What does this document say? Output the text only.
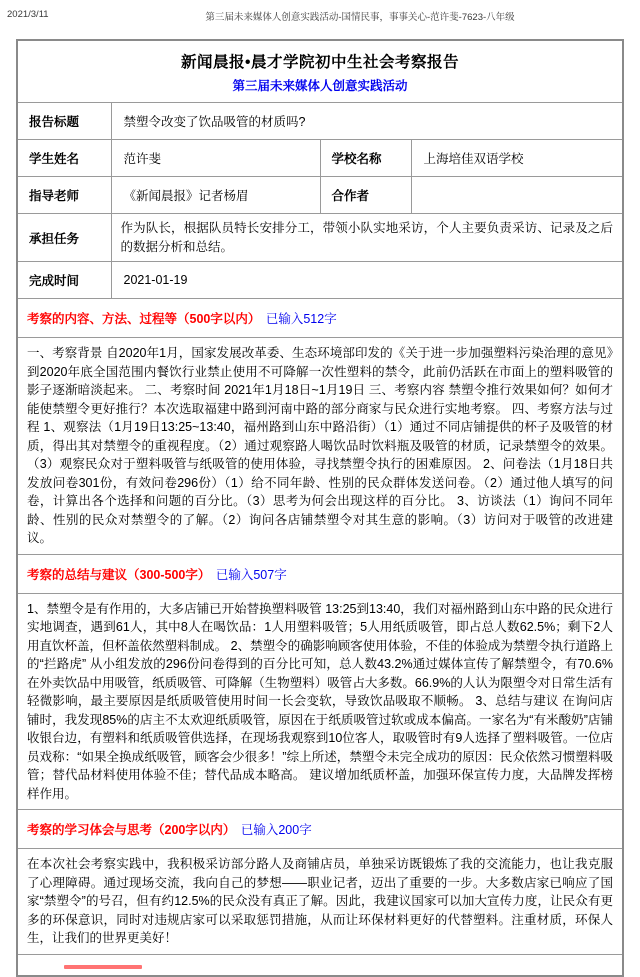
2021/3/11	第三届未来媒体人创意实践活动-国情民事，事事关心-范许斐-7623-八年级
新闻晨报•晨才学院初中生社会考察报告
第三届未来媒体人创意实践活动			

报告标题	禁塑令改变了饮品吸管的材质吗?		
学生姓名	范许斐	学校名称	上海培佳双语学校
指导老师	《新闻晨报》记者杨眉	合作者	
承担任务	作为队长，根据队员特长安排分工，带领小队实地采访，个人主要负责采访、记录及之后的数据分析和总结。		
完成时间	2021-01-19		
考察的内容、方法、过程等（500字以内） 已输入512字			
一、考察背景 自2020年1月，国家发展改革委、生态环境部印发的《关于进一步加强塑料污染治理的意见》到2020年底全国范围内餐饮行业禁止使用不可降解一次性塑料的禁令，此前仍活跃在市面上的塑料吸管的影子逐渐暗淡起来。 二、考察时间 2021年1月18日~1月19日 三、考察内容 禁塑令推行效果如何？如何才能使禁塑令更好推行？本次选取福建中路到河南中路的部分商家与民众进行实地考察。 四、考察方法与过程 1、观察法（1月19日13:25~13:40，福州路到山东中路沿街）（1）通过不同店铺提供的杯子及吸管的材质，得出其对禁塑令的重视程度。（2）通过观察路人喝饮品时饮料瓶及吸管的材质，记录禁塑令的效果。（3）观察民众对于塑料吸管与纸吸管的使用体验，寻找禁塑令执行的困难原因。 2、问卷法（1月18日共发放问卷301份，有效问卷296份）（1）给不同年龄、性别的民众群体发送问卷。（2）通过他人填写的问卷，计算出各个选择和问题的百分比。（3）思考为何会出现这样的百分比。 3、访谈法（1）询问不同年龄、性别的民众对禁塑令的了解。（2）询问各店铺禁塑令对其生意的影响。（3）访问对于吸管的改进建议。			
考察的总结与建议（300-500字） 已输入507字			
1、禁塑令是有作用的，大多店铺已开始替换塑料吸管 13:25到13:40，我们对福州路到山东中路的民众进行实地调查，遇到61人，其中8人在喝饮品：1人用塑料吸管；5人用纸质吸管，即占总人数62.5%；剩下2人用直饮杯盖，但杯盖依然塑料制成。 2、禁塑令的确影响顾客使用体验，不佳的体验成为禁塑令执行道路上的“拦路虎” 从小组发放的296份问卷得到的百分比可知，总人数43.2%通过媒体宣传了解禁塑令，有70.6%在外卖饮品中用吸管，纸质吸管、可降解（生物塑料）吸管占大多数。66.9%的人认为限塑令对日常生活有轻微影响，最主要原因是纸质吸管使用时间一长会变软，导致饮品吸取不顺畅。 3、总结与建议 在询问店铺时，我发现85%的店主不太欢迎纸质吸管，原因在于纸质吸管过软或成本偏高。一家名为“有米酸奶”店铺收银台边，有塑料和纸质吸管供选择，在现场我观察到10位客人，取吸管时有9人选择了塑料吸管。一位店员戏称：“如果全换成纸吸管，顾客会少很多！”综上所述，禁塑令未完全成功的原因：民众依然习惯塑料吸管；替代品材料使用体验不佳；替代品成本略高。 建议增加纸质杯盖，加强环保宣传力度，大品牌发挥榜样作用。			
考察的学习体会与思考（200字以内） 已输入200字			
在本次社会考察实践中，我积极采访部分路人及商铺店员，单独采访既锻炼了我的交流能力，也让我克服了心理障碍。通过现场交流，我向自己的梦想——职业记者，迈出了重要的一步。大多数店家已响应了国家“禁塑令”的号召，但有约12.5%的民众没有真正了解。因此，我建议国家可以加大宣传力度，让民众有更多的环保意识，同时对违规店家可以采取惩罚措施，从而让环保材料更好的代替塑料。注重材质，环保人生，让我们的世界更美好！			
